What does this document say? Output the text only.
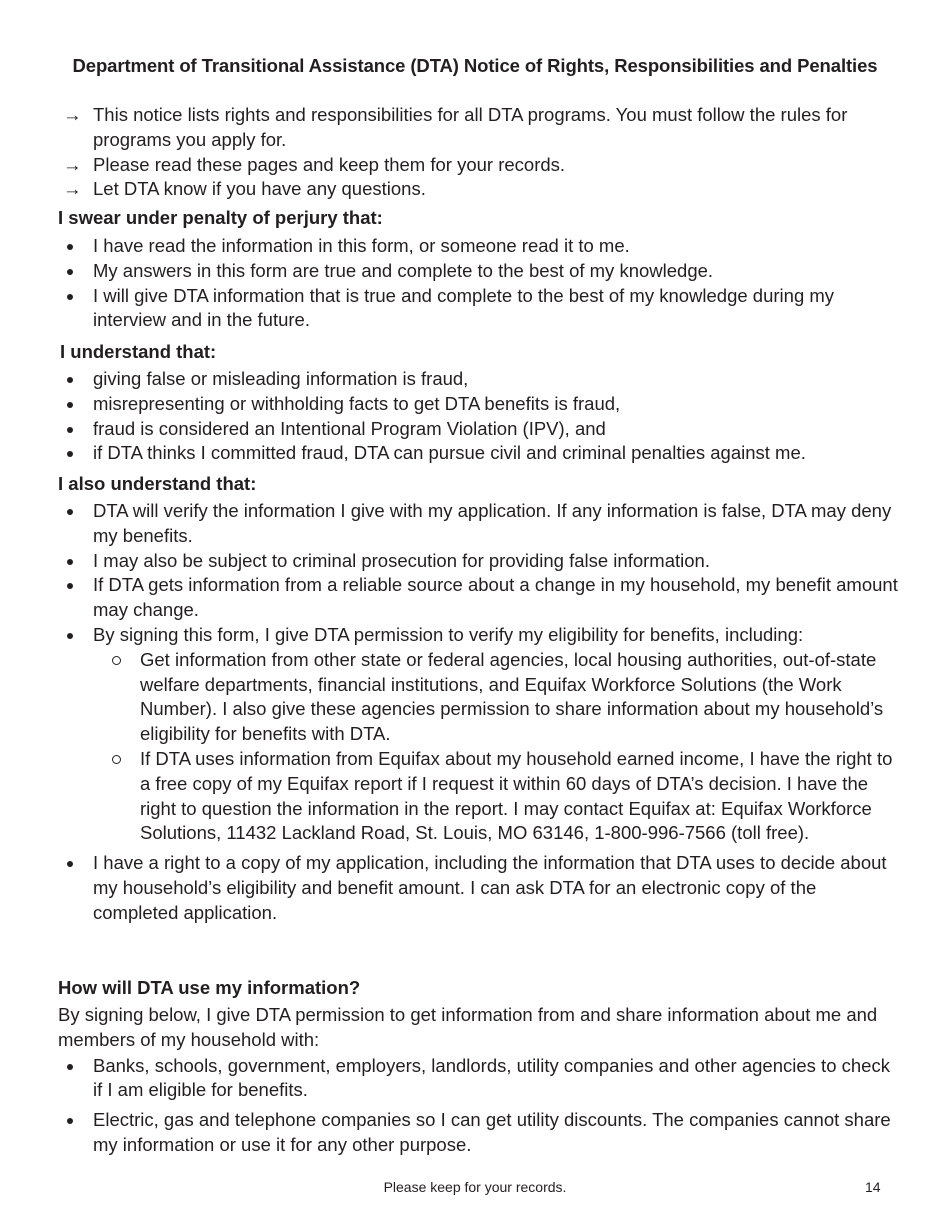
Department of Transitional Assistance (DTA) Notice of Rights, Responsibilities and Penalties
→ This notice lists rights and responsibilities for all DTA programs. You must follow the rules for programs you apply for.
→ Please read these pages and keep them for your records.
→ Let DTA know if you have any questions.
I swear under penalty of perjury that:
I have read the information in this form, or someone read it to me.
My answers in this form are true and complete to the best of my knowledge.
I will give DTA information that is true and complete to the best of my knowledge during my interview and in the future.
I understand that:
giving false or misleading information is fraud,
misrepresenting or withholding facts to get DTA benefits is fraud,
fraud is considered an Intentional Program Violation (IPV), and
if DTA thinks I committed fraud, DTA can pursue civil and criminal penalties against me.
I also understand that:
DTA will verify the information I give with my application. If any information is false, DTA may deny my benefits.
I may also be subject to criminal prosecution for providing false information.
If DTA gets information from a reliable source about a change in my household, my benefit amount may change.
By signing this form, I give DTA permission to verify my eligibility for benefits, including:
Get information from other state or federal agencies, local housing authorities, out-of-state welfare departments, financial institutions, and Equifax Workforce Solutions (the Work Number). I also give these agencies permission to share information about my household’s eligibility for benefits with DTA.
If DTA uses information from Equifax about my household earned income, I have the right to a free copy of my Equifax report if I request it within 60 days of DTA’s decision. I have the right to question the information in the report. I may contact Equifax at: Equifax Workforce Solutions, 11432 Lackland Road, St. Louis, MO 63146, 1-800-996-7566 (toll free).
I have a right to a copy of my application, including the information that DTA uses to decide about my household’s eligibility and benefit amount. I can ask DTA for an electronic copy of the completed application.
How will DTA use my information?
By signing below, I give DTA permission to get information from and share information about me and members of my household with:
Banks, schools, government, employers, landlords, utility companies and other agencies to check if I am eligible for benefits.
Electric, gas and telephone companies so I can get utility discounts. The companies cannot share my information or use it for any other purpose.
Please keep for your records.	14
